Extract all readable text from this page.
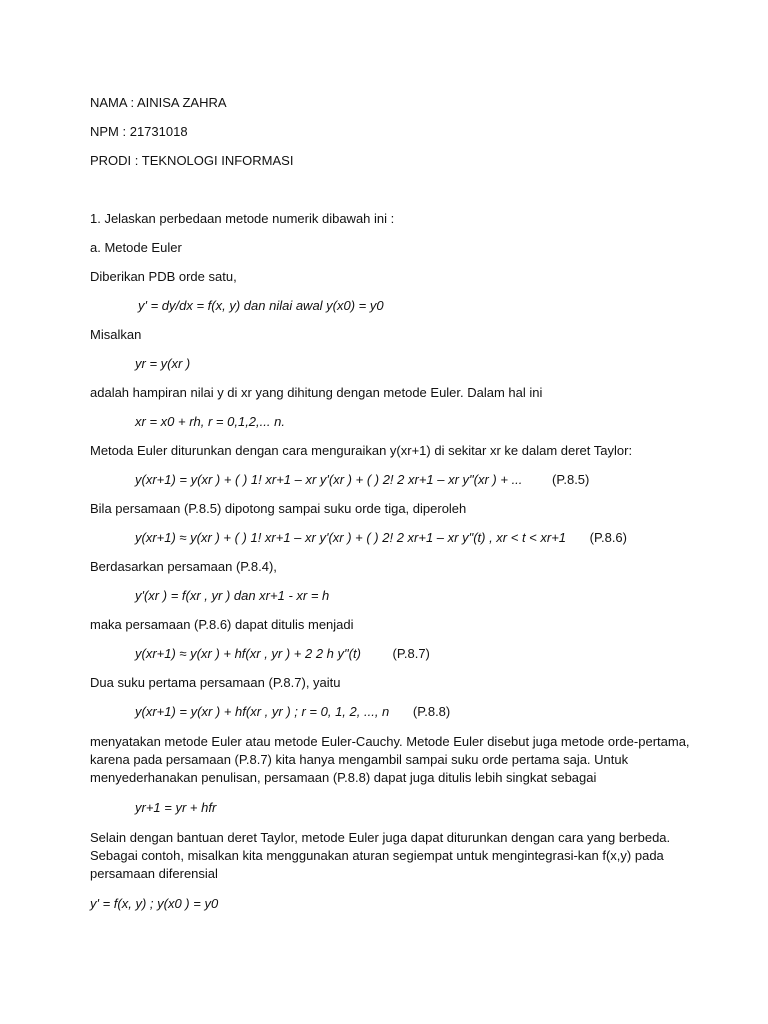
NAMA : AINISA ZAHRA
NPM : 21731018
PRODI : TEKNOLOGI INFORMASI
1. Jelaskan perbedaan metode numerik dibawah ini :
a. Metode Euler
Diberikan PDB orde satu,
y' = dy/dx = f(x, y) dan nilai awal y(x0) = y0
Misalkan
yr = y(xr )
adalah hampiran nilai y di xr yang dihitung dengan metode Euler. Dalam hal ini
xr = x0 + rh, r = 0,1,2,... n.
Metoda Euler diturunkan dengan cara menguraikan y(xr+1) di sekitar xr ke dalam deret Taylor:
y(xr+1) = y(xr ) + ( ) 1! xr+1 – xr y'(xr ) + ( ) 2! 2 xr+1 – xr y"(xr ) + ... (P.8.5)
Bila persamaan (P.8.5) dipotong sampai suku orde tiga, diperoleh
y(xr+1) ≈ y(xr ) + ( ) 1! xr+1 – xr y'(xr ) + ( ) 2! 2 xr+1 – xr y"(t) , xr < t < xr+1 (P.8.6)
Berdasarkan persamaan (P.8.4),
y'(xr ) = f(xr , yr ) dan xr+1 - xr = h
maka persamaan (P.8.6) dapat ditulis menjadi
y(xr+1) ≈ y(xr ) + hf(xr , yr ) + 2 2 h y"(t) (P.8.7)
Dua suku pertama persamaan (P.8.7), yaitu
y(xr+1) = y(xr ) + hf(xr , yr ) ; r = 0, 1, 2, ..., n (P.8.8)
menyatakan metode Euler atau metode Euler-Cauchy. Metode Euler disebut juga metode orde-pertama,
karena pada persamaan (P.8.7) kita hanya mengambil sampai suku orde pertama saja. Untuk
menyederhanakan penulisan, persamaan (P.8.8) dapat juga ditulis lebih singkat sebagai
yr+1 = yr + hfr
Selain dengan bantuan deret Taylor, metode Euler juga dapat diturunkan dengan cara yang berbeda.
Sebagai contoh, misalkan kita menggunakan aturan segiempat untuk mengintegrasi-kan f(x,y) pada
persamaan diferensial
y' = f(x, y) ; y(x0 ) = y0
